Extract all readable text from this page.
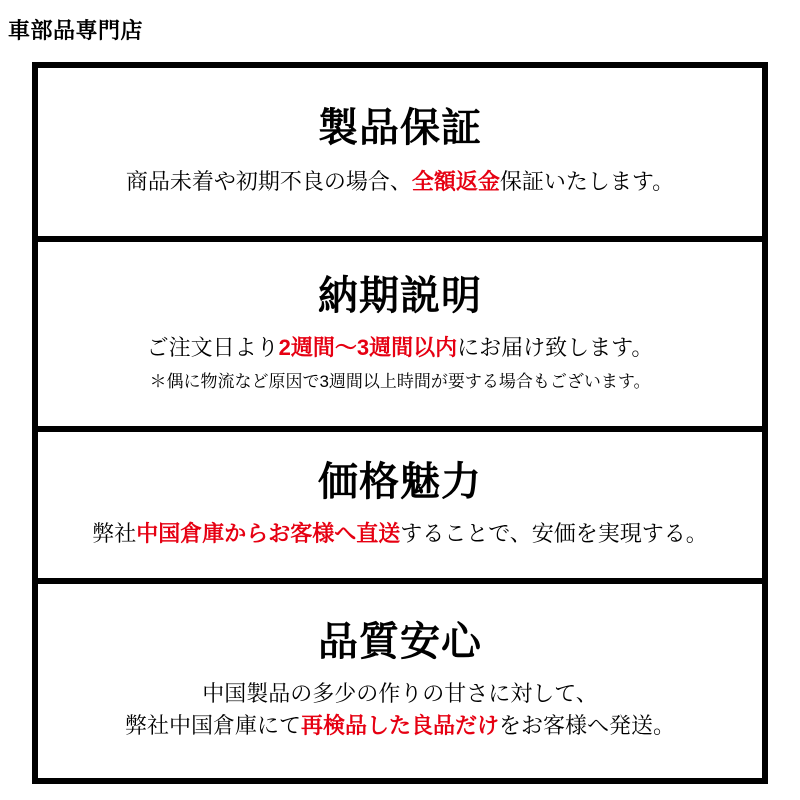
車部品専門店
製品保証
商品未着や初期不良の場合、全額返金保証いたします。
納期説明
ご注文日より2週間〜3週間以内にお届け致します。
＊偶に物流など原因で3週間以上時間が要する場合もございます。
価格魅力
弊社中国倉庫からお客様へ直送することで、安価を実現する。
品質安心
中国製品の多少の作りの甘さに対して、
弊社中国倉庫にて再検品した良品だけをお客様へ発送。
